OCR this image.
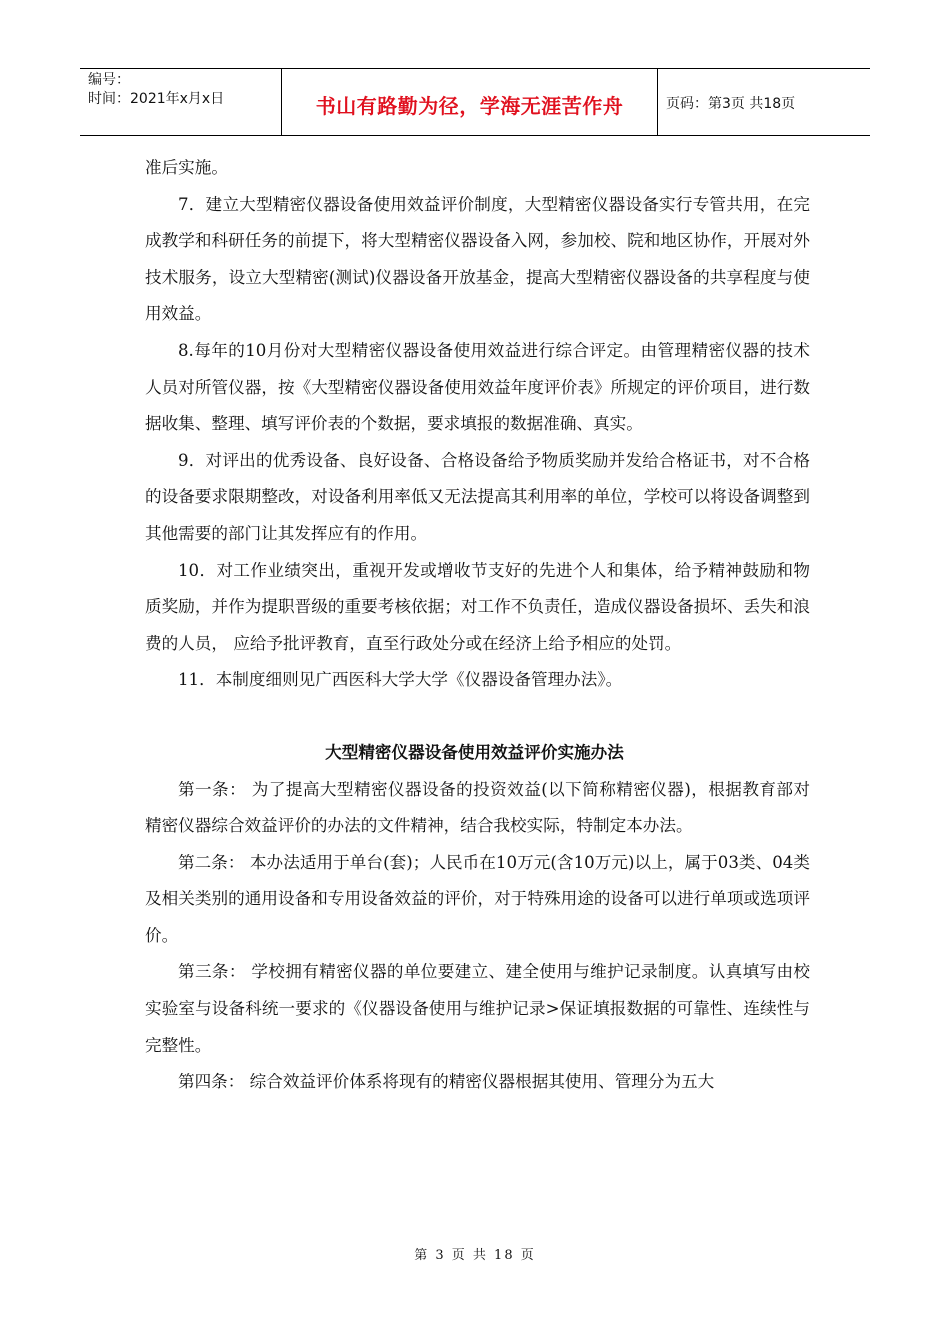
编号：
时间：2021年x月x日	书山有路勤为径，学海无涯苦作舟	页码：第3页 共18页

准后实施。

7．建立大型精密仪器设备使用效益评价制度，大型精密仪器设备实行专管共用，在完成教学和科研任务的前提下，将大型精密仪器设备入网，参加校、院和地区协作，开展对外技术服务，设立大型精密(测试)仪器设备开放基金，提高大型精密仪器设备的共享程度与使用效益。

8.每年的10月份对大型精密仪器设备使用效益进行综合评定。由管理精密仪器的技术人员对所管仪器，按《大型精密仪器设备使用效益年度评价表》所规定的评价项目，进行数据收集、整理、填写评价表的个数据，要求填报的数据准确、真实。

9．对评出的优秀设备、良好设备、合格设备给予物质奖励并发给合格证书，对不合格的设备要求限期整改，对设备利用率低又无法提高其利用率的单位，学校可以将设备调整到其他需要的部门让其发挥应有的作用。

10．对工作业绩突出，重视开发或增收节支好的先进个人和集体，给予精神鼓励和物质奖励，并作为提职晋级的重要考核依据；对工作不负责任，造成仪器设备损坏、丢失和浪费的人员， 应给予批评教育，直至行政处分或在经济上给予相应的处罚。

11．本制度细则见广西医科大学大学《仪器设备管理办法》。

大型精密仪器设备使用效益评价实施办法

第一条： 为了提高大型精密仪器设备的投资效益(以下简称精密仪器)，根据教育部对精密仪器综合效益评价的办法的文件精神，结合我校实际，特制定本办法。

第二条： 本办法适用于单台(套)；人民币在10万元(含10万元)以上，属于03类、04类及相关类别的通用设备和专用设备效益的评价，对于特殊用途的设备可以进行单项或选项评价。

第三条： 学校拥有精密仪器的单位要建立、建全使用与维护记录制度。认真填写由校实验室与设备科统一要求的《仪器设备使用与维护记录>保证填报数据的可靠性、连续性与完整性。

第四条： 综合效益评价体系将现有的精密仪器根据其使用、管理分为五大

第 3 页 共 18 页
